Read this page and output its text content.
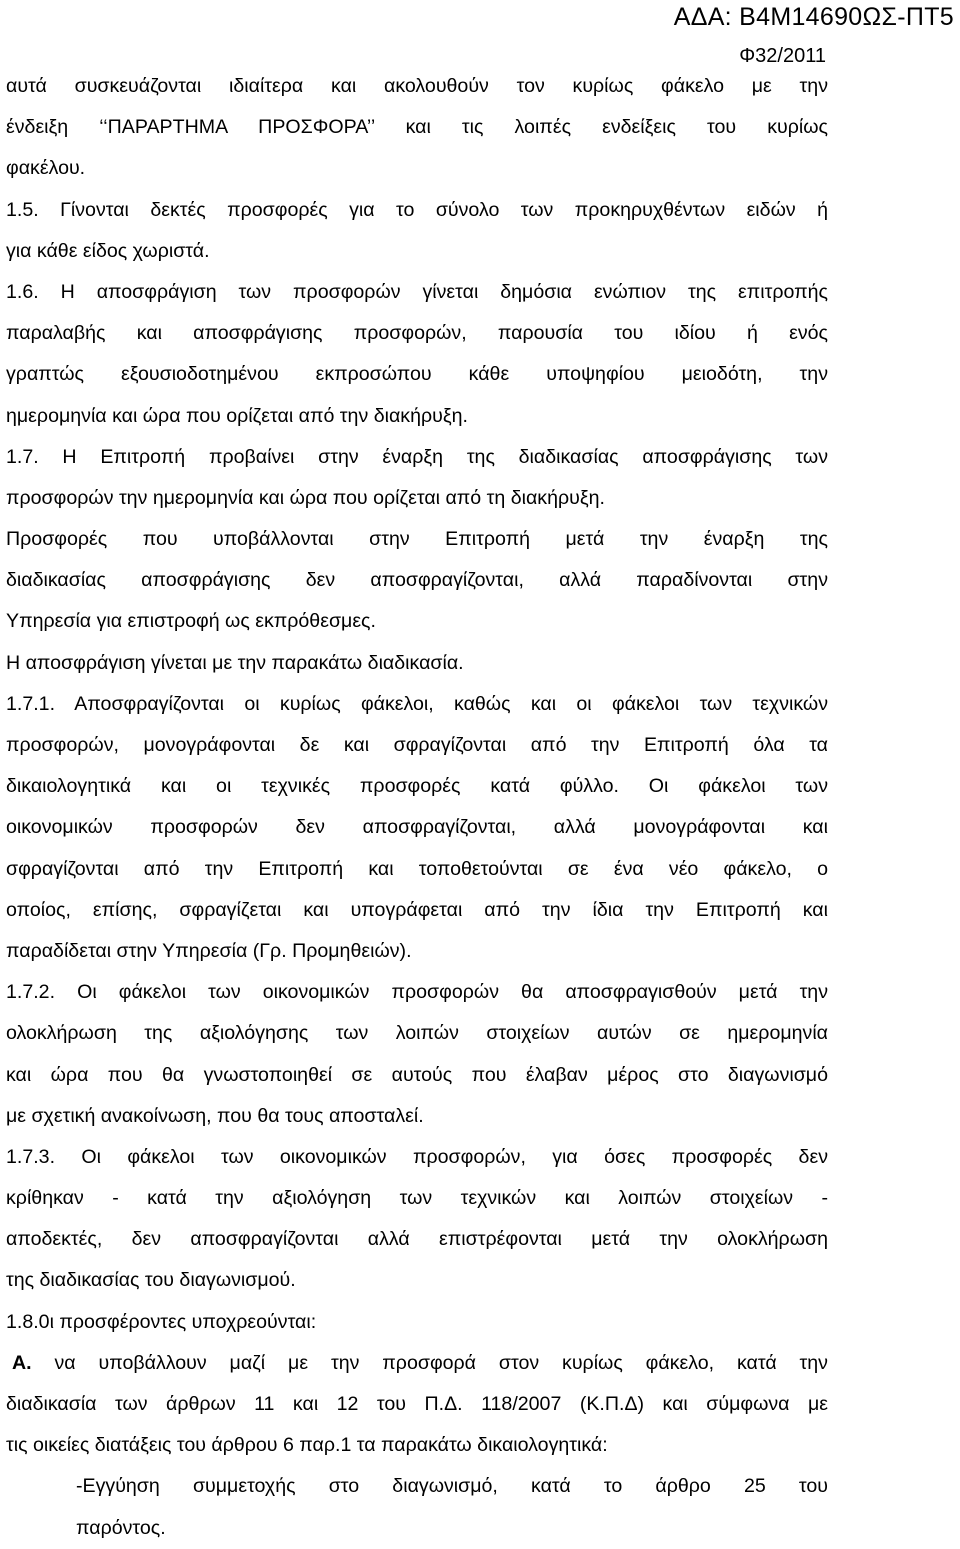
ΑΔΑ: Β4Μ14690ΩΣ-ΠΤ5
Φ32/2011
αυτά συσκευάζονται ιδιαίτερα και ακολουθούν τον κυρίως φάκελο με την
ένδειξη ‘‘ΠΑΡΑΡΤΗΜΑ ΠΡΟΣΦΟΡΑ’’ και τις λοιπές ενδείξεις του κυρίως
φακέλου.
1.5. Γίνονται δεκτές προσφορές για το σύνολο των προκηρυχθέντων ειδών ή
για κάθε είδος χωριστά.
1.6. Η αποσφράγιση των προσφορών γίνεται δημόσια ενώπιον της επιτροπής
παραλαβής και αποσφράγισης προσφορών, παρουσία του ιδίου ή ενός
γραπτώς εξουσιοδοτημένου εκπροσώπου κάθε υποψηφίου μειοδότη, την
ημερομηνία και ώρα που ορίζεται από την διακήρυξη.
1.7. Η Επιτροπή προβαίνει στην έναρξη της διαδικασίας αποσφράγισης των
προσφορών την ημερομηνία και ώρα που ορίζεται από τη διακήρυξη.
Προσφορές που υποβάλλονται στην Επιτροπή μετά την έναρξη της
διαδικασίας αποσφράγισης δεν αποσφραγίζονται, αλλά παραδίνονται στην
Υπηρεσία για επιστροφή ως εκπρόθεσμες.
Η αποσφράγιση γίνεται με την παρακάτω διαδικασία.
1.7.1. Αποσφραγίζονται οι κυρίως φάκελοι, καθώς και οι φάκελοι των τεχνικών
προσφορών, μονογράφονται δε και σφραγίζονται από την Επιτροπή όλα τα
δικαιολογητικά και οι τεχνικές προσφορές κατά φύλλο. Οι φάκελοι των
οικονομικών προσφορών δεν αποσφραγίζονται, αλλά μονογράφονται και
σφραγίζονται από την Επιτροπή και τοποθετούνται σε ένα νέο φάκελο, ο
οποίος, επίσης, σφραγίζεται και υπογράφεται από την ίδια την Επιτροπή και
παραδίδεται στην Υπηρεσία (Γρ. Προμηθειών).
1.7.2. Οι φάκελοι των οικονομικών προσφορών θα αποσφραγισθούν μετά την
ολοκλήρωση της αξιολόγησης των λοιπών στοιχείων αυτών σε ημερομηνία
και ώρα που θα γνωστοποιηθεί σε αυτούς που έλαβαν μέρος στο διαγωνισμό
με σχετική ανακοίνωση, που θα τους αποσταλεί.
1.7.3. Οι φάκελοι των οικονομικών προσφορών, για όσες προσφορές δεν
κρίθηκαν - κατά την αξιολόγηση των τεχνικών και λοιπών στοιχείων -
αποδεκτές, δεν αποσφραγίζονται αλλά επιστρέφονται μετά την ολοκλήρωση
της διαδικασίας του διαγωνισμού.
1.8.0ι προσφέροντες υποχρεούνται:
Α. να υποβάλλουν μαζί με την προσφορά στον κυρίως φάκελο, κατά την
διαδικασία των άρθρων 11 και 12 του Π.Δ. 118/2007 (Κ.Π.Δ) και σύμφωνα με
τις οικείες διατάξεις του άρθρου 6 παρ.1 τα παρακάτω δικαιολογητικά:
-Εγγύηση συμμετοχής στο διαγωνισμό, κατά το άρθρο 25 του
παρόντος.
